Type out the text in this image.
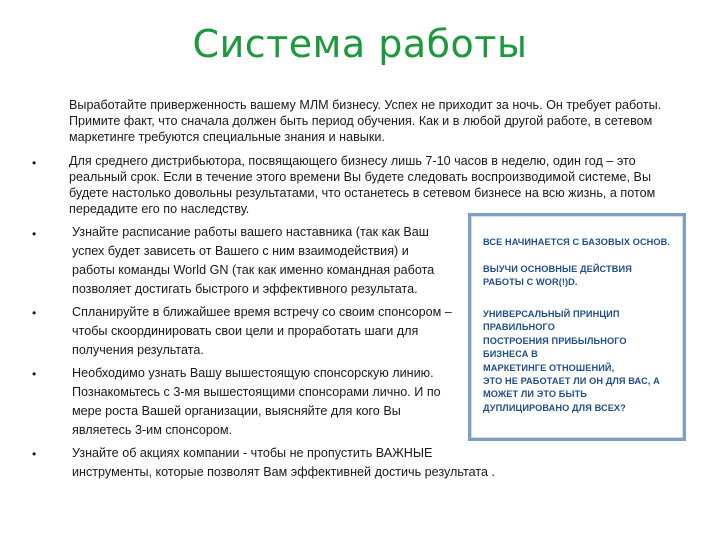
Система работы
Выработайте приверженность вашему МЛМ бизнесу. Успех не приходит за ночь. Он требует работы.
Примите факт, что сначала должен быть период обучения. Как и в любой другой работе, в сетевом
маркетинге требуются специальные знания и навыки.
•
•
•
•
•
Для среднего дистрибьютора, посвящающего бизнесу лишь 7-10 часов в неделю, один год – это
реальный срок. Если в течение этого времени Вы будете следовать воспроизводимой системе, Вы
будете настолько довольны результатами, что останетесь в сетевом бизнесе на всю жизнь, а потом
передадите его по наследству.
Узнайте расписание работы вашего наставника (так как Ваш
успех будет зависеть от Вашего с ним взаимодействия) и
работы команды World GN (так как именно командная работа
позволяет достигать быстрого и эффективного результата.
Спланируйте в ближайшее время встречу со своим спонсором –
чтобы скоординировать свои цели и проработать шаги для
получения результата.
Необходимо узнать Вашу вышестоящую спонсорскую линию.
Познакомьтесь с 3-мя вышестоящими спонсорами лично. И по
мере роста Вашей организации, выясняйте для кого Вы
являетесь 3-им спонсором.
Узнайте об акциях компании - чтобы не пропустить ВАЖНЫЕ
инструменты, которые позволят Вам эффективней достичь результата .
ВСЕ НАЧИНАЕТСЯ С БАЗОВЫХ ОСНОВ.
ВЫУЧИ ОСНОВНЫЕ ДЕЙСТВИЯ
РАБОТЫ С WOR(!)D.
УНИВЕРСАЛЬНЫЙ ПРИНЦИП
ПРАВИЛЬНОГО
ПОСТРОЕНИЯ ПРИБЫЛЬНОГО
БИЗНЕСА В
МАРКЕТИНГЕ ОТНОШЕНИЙ,
ЭТО НЕ РАБОТАЕТ ЛИ ОН ДЛЯ ВАС, А
МОЖЕТ ЛИ ЭТО БЫТЬ
ДУПЛИЦИРОВАНО ДЛЯ ВСЕХ?
